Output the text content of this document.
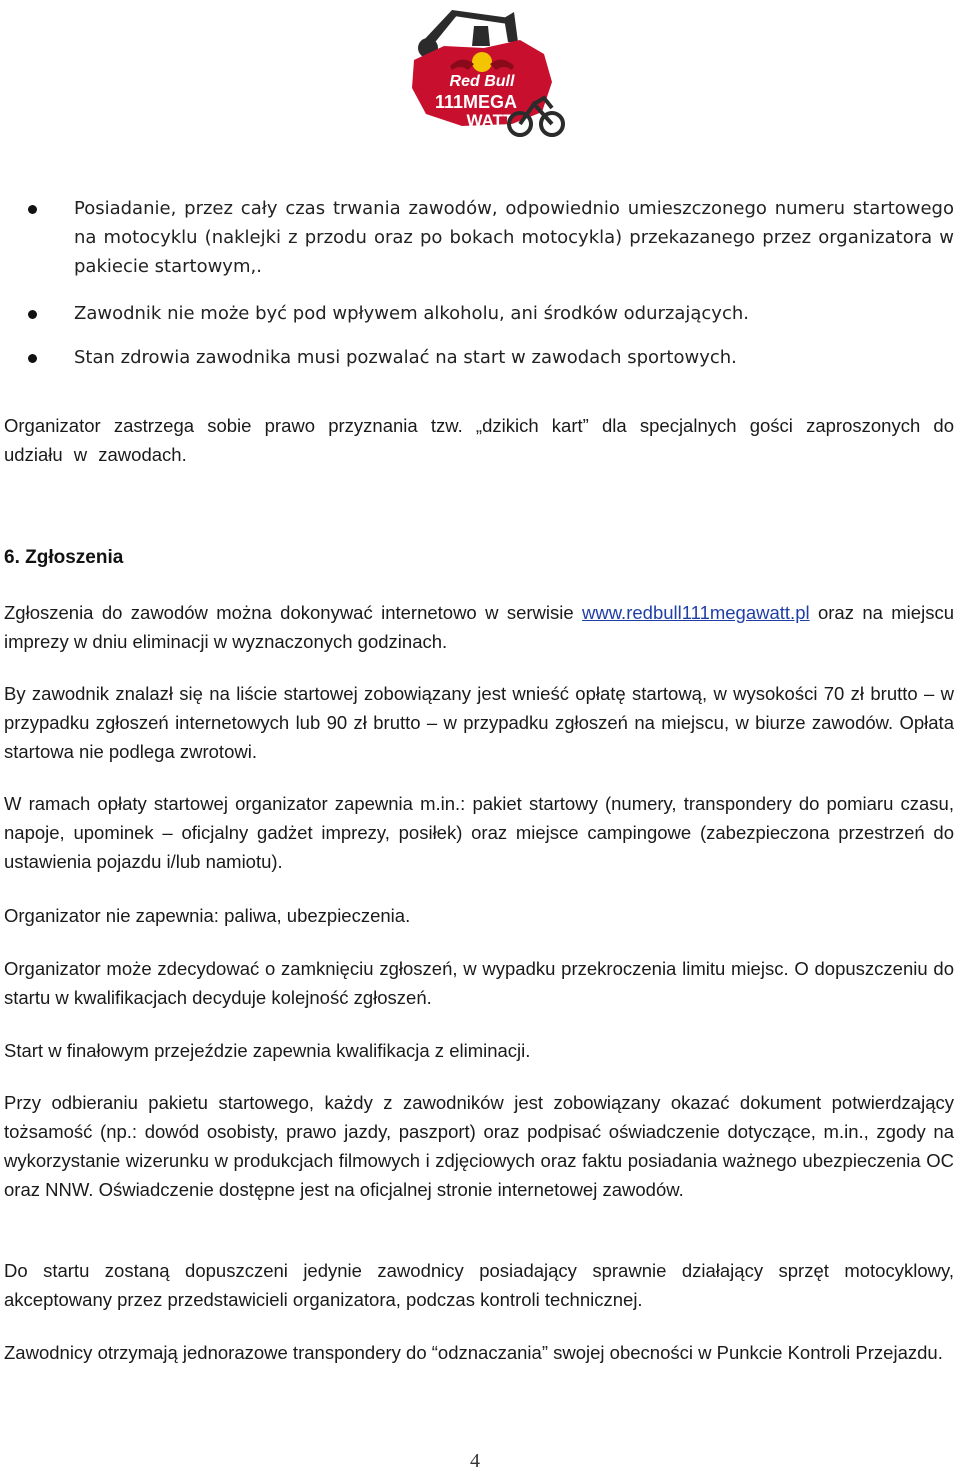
Red Bull
111MEGA
WATT
Posiadanie, przez cały czas trwania zawodów, odpowiednio umieszczonego numeru startowego na motocyklu (naklejki z przodu oraz po bokach motocykla) przekazanego przez organizatora w pakiecie startowym,.
Zawodnik nie może być pod wpływem alkoholu, ani środków odurzających.
Stan zdrowia zawodnika musi pozwalać na start w zawodach sportowych.
Organizator zastrzega sobie prawo przyznania tzw. „dzikich kart” dla specjalnych gości zaproszonych do udziału w zawodach.
6. Zgłoszenia
Zgłoszenia do zawodów można dokonywać internetowo w serwisie www.redbull111megawatt.pl oraz na miejscu imprezy w dniu eliminacji w wyznaczonych godzinach.
By zawodnik znalazł się na liście startowej zobowiązany jest wnieść opłatę startową, w wysokości 70 zł brutto – w przypadku zgłoszeń internetowych lub 90 zł brutto – w przypadku zgłoszeń na miejscu, w biurze zawodów. Opłata startowa nie podlega zwrotowi.
W ramach opłaty startowej organizator zapewnia m.in.: pakiet startowy (numery, transpondery do pomiaru czasu, napoje, upominek – oficjalny gadżet imprezy, posiłek) oraz miejsce campingowe (zabezpieczona przestrzeń do ustawienia pojazdu i/lub namiotu).
Organizator nie zapewnia: paliwa, ubezpieczenia.
Organizator może zdecydować o zamknięciu zgłoszeń, w wypadku przekroczenia limitu miejsc. O dopuszczeniu do startu w kwalifikacjach decyduje kolejność zgłoszeń.
Start w finałowym przejeździe zapewnia kwalifikacja z eliminacji.
Przy odbieraniu pakietu startowego, każdy z zawodników jest zobowiązany okazać dokument potwierdzający tożsamość (np.: dowód osobisty, prawo jazdy, paszport) oraz podpisać oświadczenie dotyczące, m.in., zgody na wykorzystanie wizerunku w produkcjach filmowych i zdjęciowych oraz faktu posiadania ważnego ubezpieczenia OC oraz NNW. Oświadczenie dostępne jest na oficjalnej stronie internetowej zawodów.
Do startu zostaną dopuszczeni jedynie zawodnicy posiadający sprawnie działający sprzęt motocyklowy, akceptowany przez przedstawicieli organizatora, podczas kontroli technicznej.
Zawodnicy otrzymają jednorazowe transpondery do “odznaczania” swojej obecności w Punkcie Kontroli Przejazdu.
4
